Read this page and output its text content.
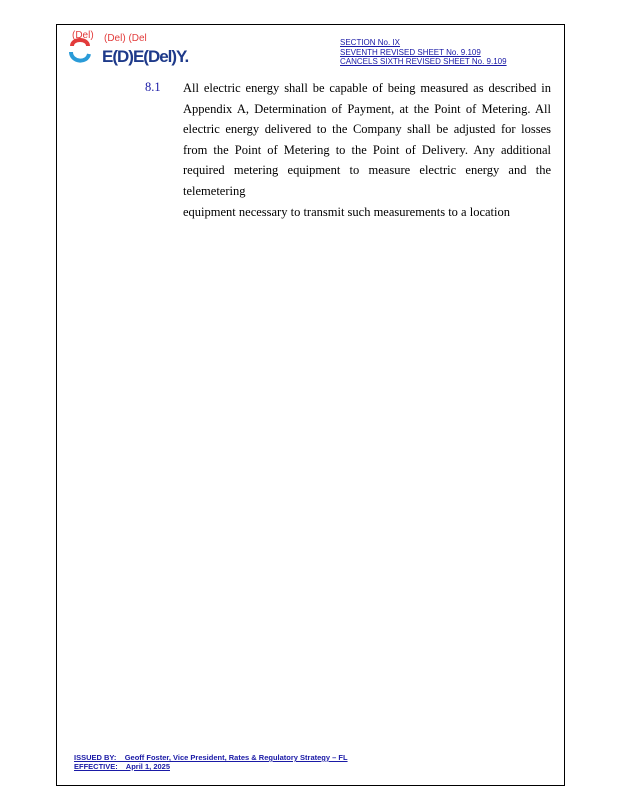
(Del) (Del) (Del
E(D)E(Del)Y.
SECTION No. IX
SEVENTH REVISED SHEET No. 9.109
CANCELS SIXTH REVISED SHEET No. 9.109
8.1 All electric energy shall be capable of being measured as described in Appendix A, Determination of Payment, at the Point of Metering. All electric energy delivered to the Company shall be adjusted for losses from the Point of Metering to the Point of Delivery. Any additional required metering equipment to measure electric energy and the telemetering
equipment necessary to transmit such measurements to a location
ISSUED BY:    Geoff Foster, Vice President, Rates & Regulatory Strategy – FL
EFFECTIVE:    April 1, 2025
